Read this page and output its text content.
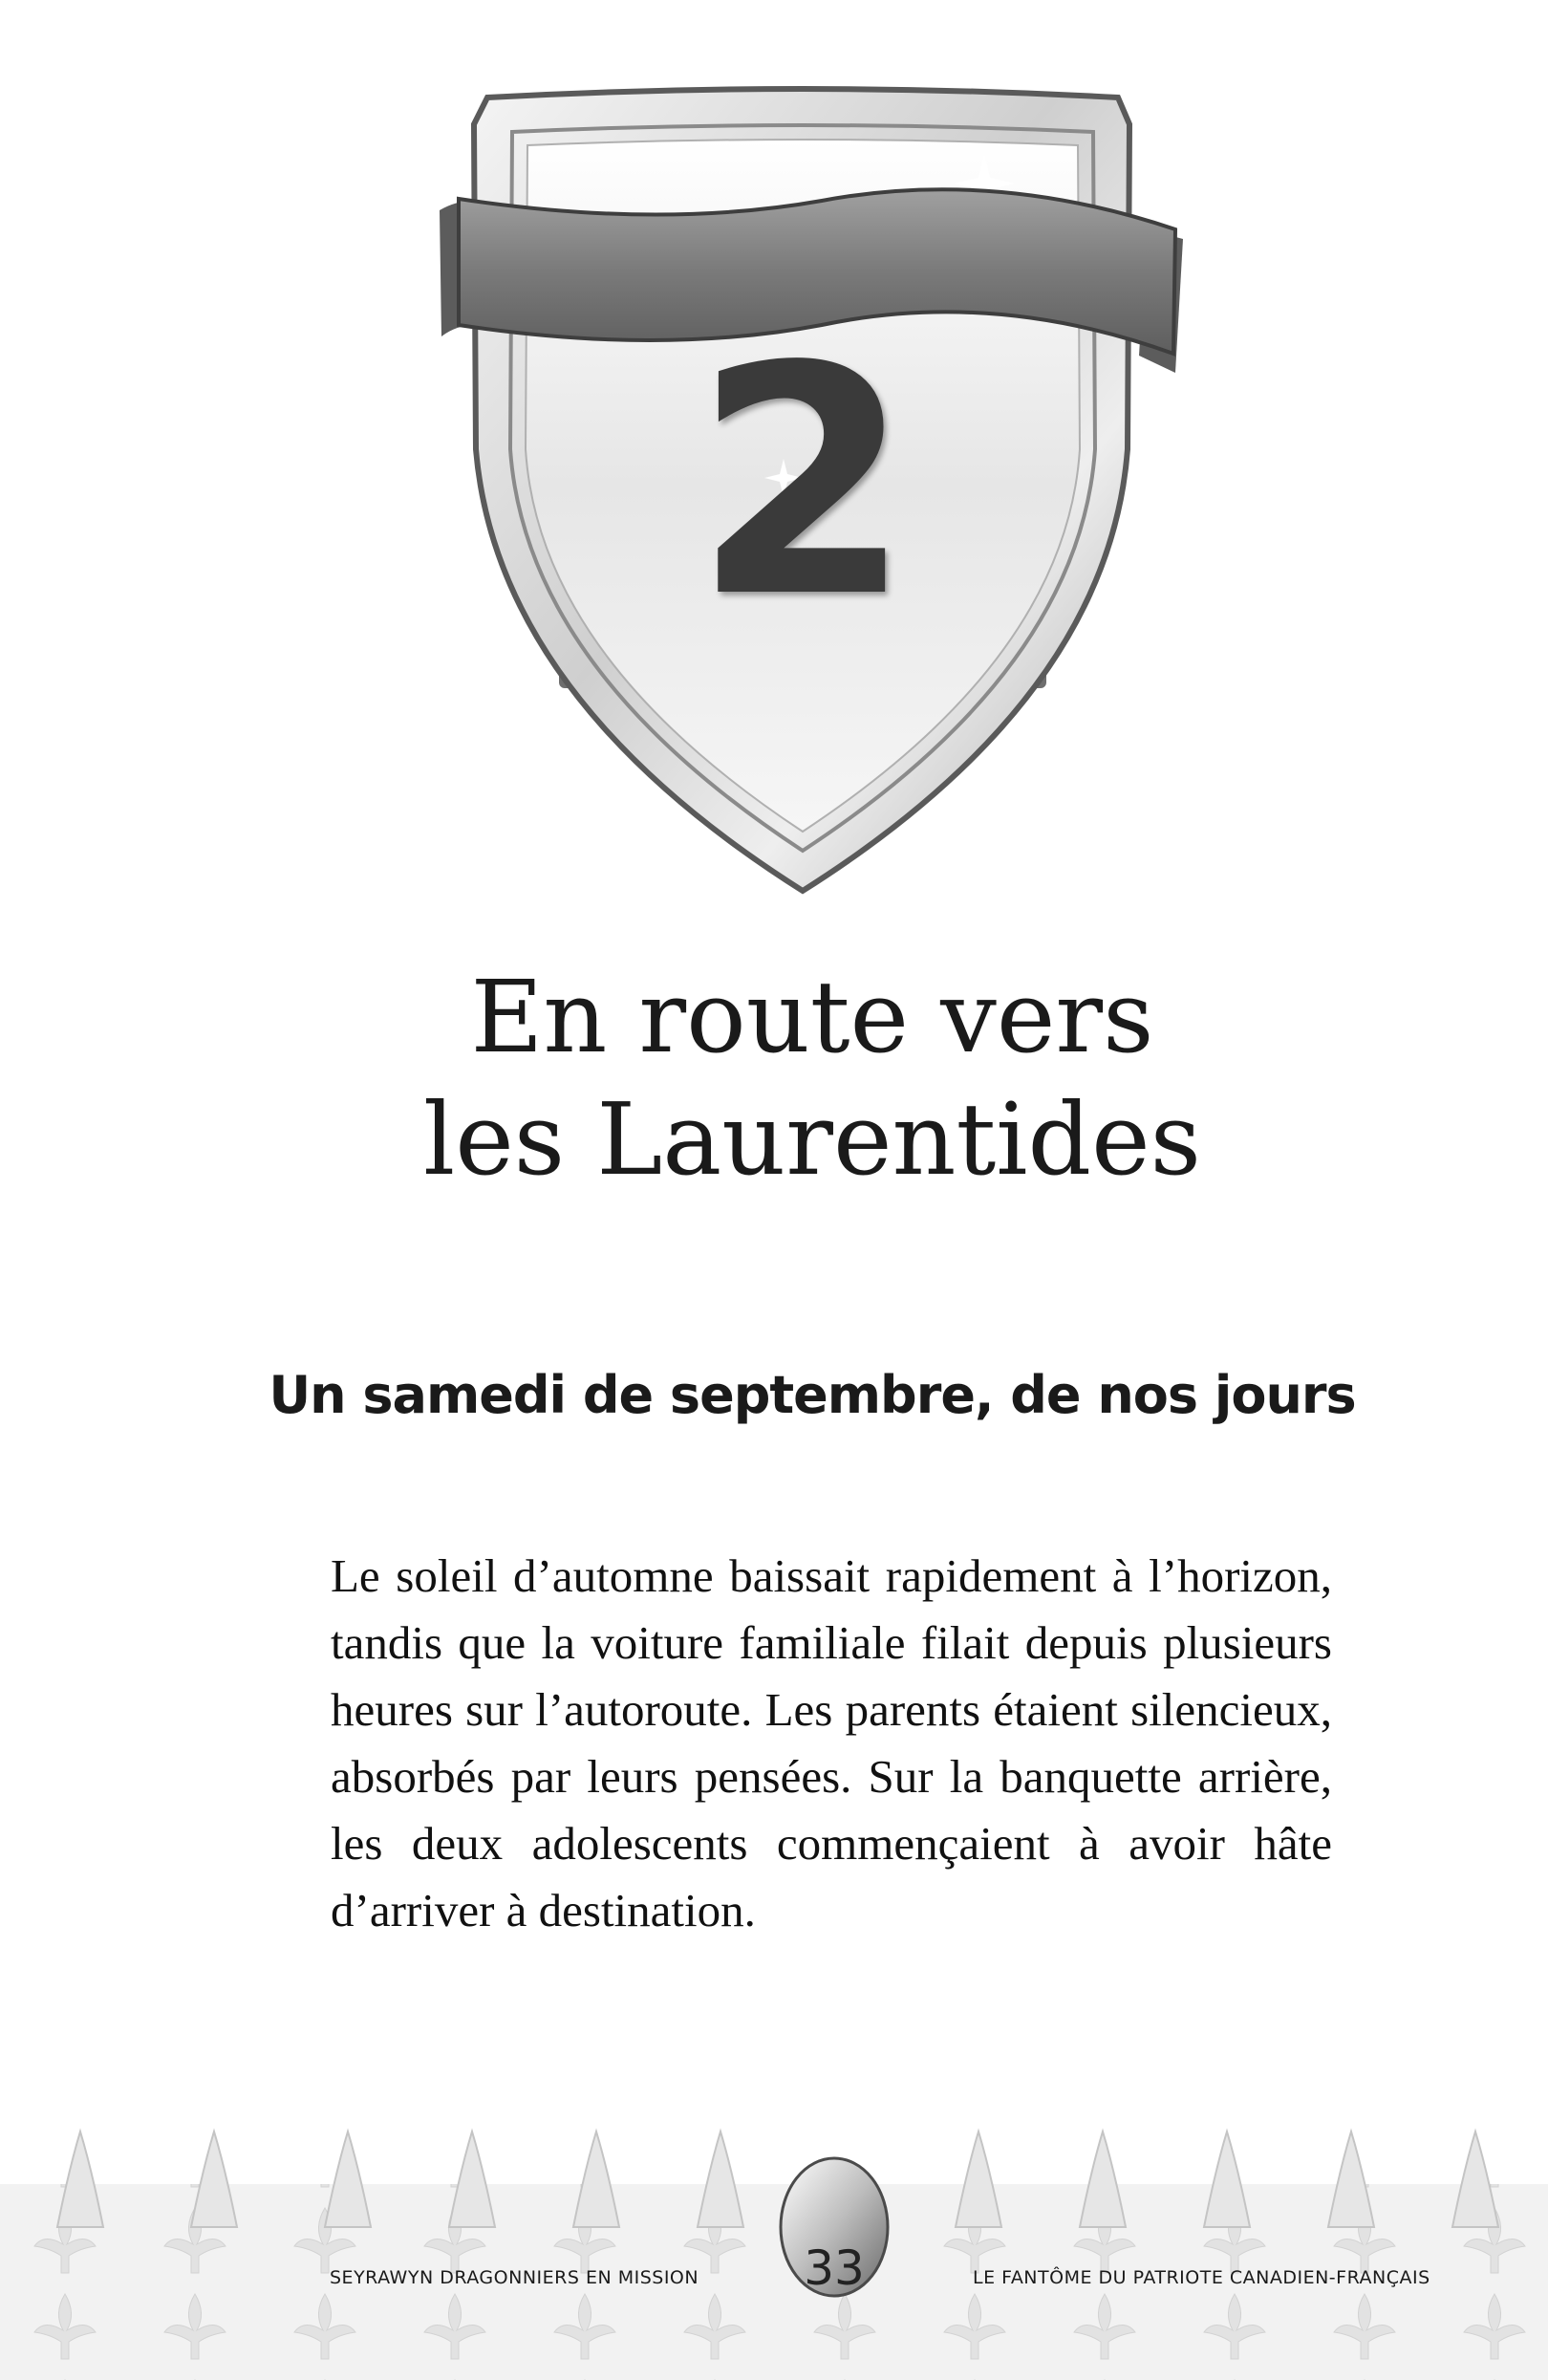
2
En route vers
les Laurentides
Un samedi de septembre, de nos jours

Le soleil d’automne baissait rapidement à l’horizon, tandis que la voiture familiale filait depuis plusieurs heures sur l’autoroute. Les parents étaient silencieux, absorbés par leurs pensées. Sur la banquette arrière, les deux adolescents commençaient à avoir hâte d’arriver à destination.

SEYRAWYN DRAGONNIERS EN MISSION	33	LE FANTÔME DU PATRIOTE CANADIEN-FRANÇAIS
